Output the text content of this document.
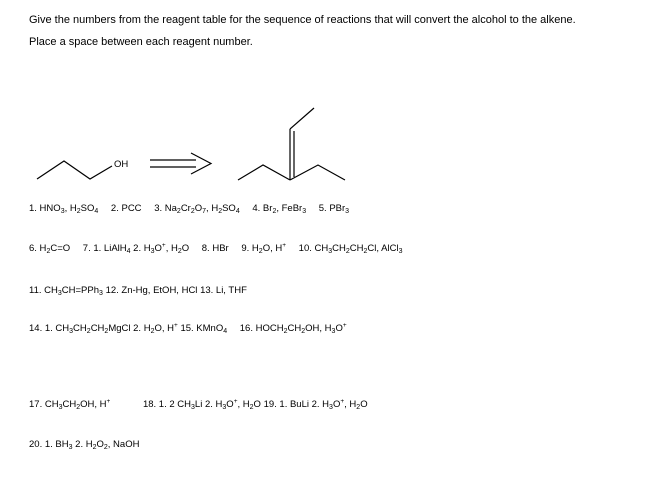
Give the numbers from the reagent table for the sequence of reactions that will convert the alcohol to the alkene.
Place a space between each reagent number.
OH
1. $HNO_3$, $H_2SO_4$ 2. PCC 3. $Na_2Cr_2O_7$, $H_2SO_4$ 4. $Br_2$, FeBr$_3$ 5. PBr$_3$
6. $H_2C=O$ 7. 1. LiAlH$_4$ 2. $H_3O^+$, $H_2O$ 8. HBr 9. $H_2O$, H+ 10. $CH_3CH_2CH_2Cl$, AlCl$_3$
11. $CH_3CH=PPh_3$ 12. Zn-Hg, EtOH, HCl 13. Li, THF
14. 1. $CH_3CH_2CH_2MgCl$ 2. $H_2O$, H+ 15. KMnO$_4$ 16. $HOCH_2CH_2OH$, $H_3O^+$
17. $CH_3CH_2OH$, H+	18. 1. 2 $CH_3Li$ 2. $H_3O^+$, $H_2O$ 19. 1. BuLi 2. $H_3O^+$, $H_2O$
20. 1. $BH_3$ 2. $H_2O_2$, NaOH
